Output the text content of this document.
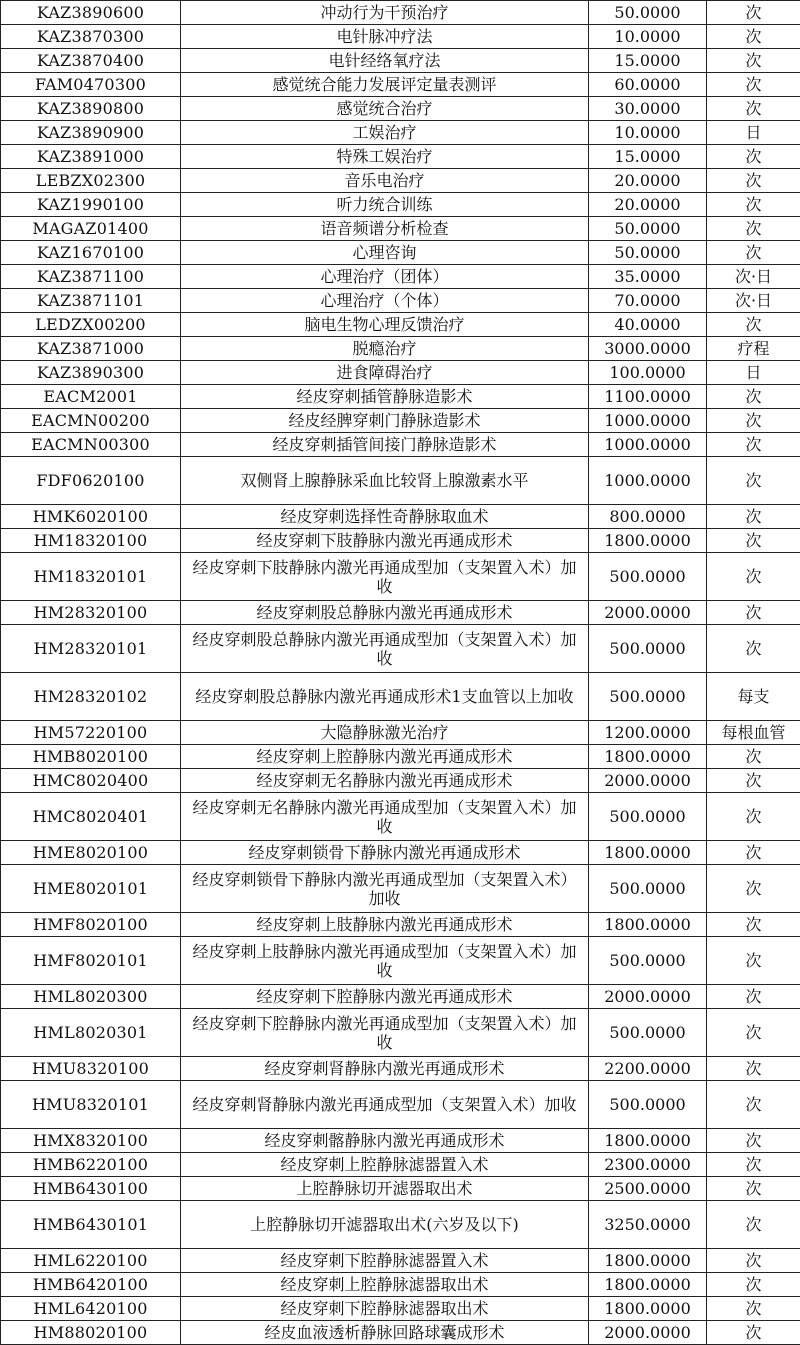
KAZ3890600	冲动行为干预治疗	50.0000	次
KAZ3870300	电针脉冲疗法	10.0000	次
KAZ3870400	电针经络氧疗法	15.0000	次
FAM0470300	感觉统合能力发展评定量表测评	60.0000	次
KAZ3890800	感觉统合治疗	30.0000	次
KAZ3890900	工娱治疗	10.0000	日
KAZ3891000	特殊工娱治疗	15.0000	次
LEBZX02300	音乐电治疗	20.0000	次
KAZ1990100	听力统合训练	20.0000	次
MAGAZ01400	语音频谱分析检查	50.0000	次
KAZ1670100	心理咨询	50.0000	次
KAZ3871100	心理治疗（团体）	35.0000	次·日
KAZ3871101	心理治疗（个体）	70.0000	次·日
LEDZX00200	脑电生物心理反馈治疗	40.0000	次
KAZ3871000	脱瘾治疗	3000.0000	疗程
KAZ3890300	进食障碍治疗	100.0000	日
EACM2001	经皮穿刺插管静脉造影术	1100.0000	次
EACMN00200	经皮经脾穿刺门静脉造影术	1000.0000	次
EACMN00300	经皮穿刺插管间接门静脉造影术	1000.0000	次
FDF0620100	双侧肾上腺静脉采血比较肾上腺激素水平	1000.0000	次
HMK6020100	经皮穿刺选择性奇静脉取血术	800.0000	次
HM18320100	经皮穿刺下肢静脉内激光再通成形术	1800.0000	次
HM18320101	经皮穿刺下肢静脉内激光再通成型加（支架置入术）加收	500.0000	次
HM28320100	经皮穿刺股总静脉内激光再通成形术	2000.0000	次
HM28320101	经皮穿刺股总静脉内激光再通成型加（支架置入术）加收	500.0000	次
HM28320102	经皮穿刺股总静脉内激光再通成形术1支血管以上加收	500.0000	每支
HM57220100	大隐静脉激光治疗	1200.0000	每根血管
HMB8020100	经皮穿刺上腔静脉内激光再通成形术	1800.0000	次
HMC8020400	经皮穿刺无名静脉内激光再通成形术	2000.0000	次
HMC8020401	经皮穿刺无名静脉内激光再通成型加（支架置入术）加收	500.0000	次
HME8020100	经皮穿刺锁骨下静脉内激光再通成形术	1800.0000	次
HME8020101	经皮穿刺锁骨下静脉内激光再通成型加（支架置入术）加收	500.0000	次
HMF8020100	经皮穿刺上肢静脉内激光再通成形术	1800.0000	次
HMF8020101	经皮穿刺上肢静脉内激光再通成型加（支架置入术）加收	500.0000	次
HML8020300	经皮穿刺下腔静脉内激光再通成形术	2000.0000	次
HML8020301	经皮穿刺下腔静脉内激光再通成型加（支架置入术）加收	500.0000	次
HMU8320100	经皮穿刺肾静脉内激光再通成形术	2200.0000	次
HMU8320101	经皮穿刺肾静脉内激光再通成型加（支架置入术）加收	500.0000	次
HMX8320100	经皮穿刺髂静脉内激光再通成形术	1800.0000	次
HMB6220100	经皮穿刺上腔静脉滤器置入术	2300.0000	次
HMB6430100	上腔静脉切开滤器取出术	2500.0000	次
HMB6430101	上腔静脉切开滤器取出术(六岁及以下)	3250.0000	次
HML6220100	经皮穿刺下腔静脉滤器置入术	1800.0000	次
HMB6420100	经皮穿刺上腔静脉滤器取出术	1800.0000	次
HML6420100	经皮穿刺下腔静脉滤器取出术	1800.0000	次
HM88020100	经皮血液透析静脉回路球囊成形术	2000.0000	次
